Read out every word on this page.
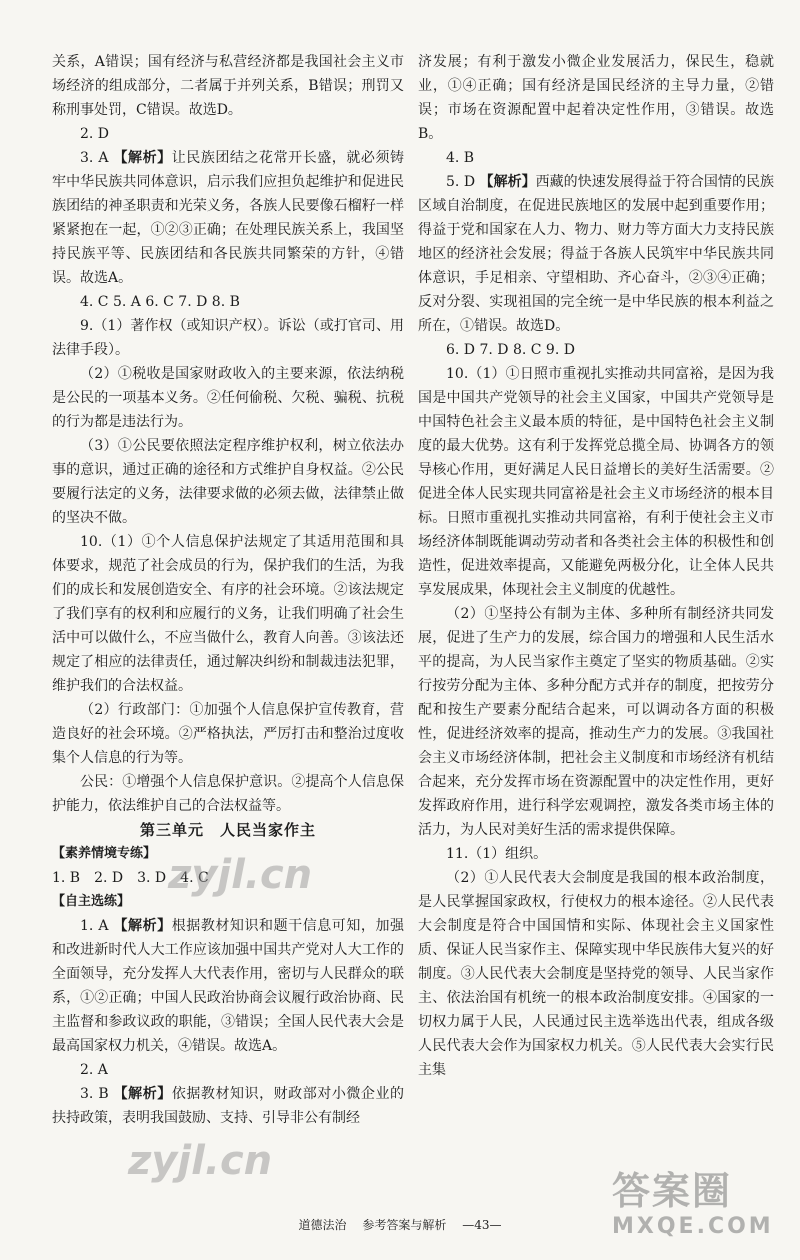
关系，A错误；国有经济与私营经济都是我国社会主义市场经济的组成部分，二者属于并列关系，B错误；刑罚又称刑事处罚，C错误。故选D。

2. D

3. A 【解析】让民族团结之花常开长盛，就必须铸牢中华民族共同体意识，启示我们应担负起维护和促进民族团结的神圣职责和光荣义务，各族人民要像石榴籽一样紧紧抱在一起，①②③正确；在处理民族关系上，我国坚持民族平等、民族团结和各民族共同繁荣的方针，④错误。故选A。

4. C 5. A 6. C 7. D 8. B

9.（1）著作权（或知识产权）。诉讼（或打官司、用法律手段）。

（2）①税收是国家财政收入的主要来源，依法纳税是公民的一项基本义务。②任何偷税、欠税、骗税、抗税的行为都是违法行为。

（3）①公民要依照法定程序维护权利，树立依法办事的意识，通过正确的途径和方式维护自身权益。②公民要履行法定的义务，法律要求做的必须去做，法律禁止做的坚决不做。

10.（1）①个人信息保护法规定了其适用范围和具体要求，规范了社会成员的行为，保护我们的生活，为我们的成长和发展创造安全、有序的社会环境。②该法规定了我们享有的权利和应履行的义务，让我们明确了社会生活中可以做什么，不应当做什么，教育人向善。③该法还规定了相应的法律责任，通过解决纠纷和制裁违法犯罪，维护我们的合法权益。

（2）行政部门：①加强个人信息保护宣传教育，营造良好的社会环境。②严格执法，严厉打击和整治过度收集个人信息的行为等。

公民：①增强个人信息保护意识。②提高个人信息保护能力，依法维护自己的合法权益等。

第三单元　人民当家作主

【素养情境专练】

1. B　2. D　3. D　4. C

【自主选练】

1. A 【解析】根据教材知识和题干信息可知，加强和改进新时代人大工作应该加强中国共产党对人大工作的全面领导，充分发挥人大代表作用，密切与人民群众的联系，①②正确；中国人民政治协商会议履行政治协商、民主监督和参政议政的职能，③错误；全国人民代表大会是最高国家权力机关，④错误。故选A。

2. A

3. B 【解析】依据教材知识，财政部对小微企业的扶持政策，表明我国鼓励、支持、引导非公有制经

济发展；有利于激发小微企业发展活力，保民生，稳就业，①④正确；国有经济是国民经济的主导力量，②错误；市场在资源配置中起着决定性作用，③错误。故选B。

4. B

5. D 【解析】西藏的快速发展得益于符合国情的民族区域自治制度，在促进民族地区的发展中起到重要作用；得益于党和国家在人力、物力、财力等方面大力支持民族地区的经济社会发展；得益于各族人民筑牢中华民族共同体意识，手足相亲、守望相助、齐心奋斗，②③④正确；反对分裂、实现祖国的完全统一是中华民族的根本利益之所在，①错误。故选D。

6. D 7. D 8. C 9. D

10.（1）①日照市重视扎实推动共同富裕，是因为我国是中国共产党领导的社会主义国家，中国共产党领导是中国特色社会主义最本质的特征，是中国特色社会主义制度的最大优势。这有利于发挥党总揽全局、协调各方的领导核心作用，更好满足人民日益增长的美好生活需要。②促进全体人民实现共同富裕是社会主义市场经济的根本目标。日照市重视扎实推动共同富裕，有利于使社会主义市场经济体制既能调动劳动者和各类社会主体的积极性和创造性，促进效率提高，又能避免两极分化，让全体人民共享发展成果，体现社会主义制度的优越性。

（2）①坚持公有制为主体、多种所有制经济共同发展，促进了生产力的发展，综合国力的增强和人民生活水平的提高，为人民当家作主奠定了坚实的物质基础。②实行按劳分配为主体、多种分配方式并存的制度，把按劳分配和按生产要素分配结合起来，可以调动各方面的积极性，促进经济效率的提高，推动生产力的发展。③我国社会主义市场经济体制，把社会主义制度和市场经济有机结合起来，充分发挥市场在资源配置中的决定性作用，更好发挥政府作用，进行科学宏观调控，激发各类市场主体的活力，为人民对美好生活的需求提供保障。

11.（1）组织。

（2）①人民代表大会制度是我国的根本政治制度，是人民掌握国家政权，行使权力的根本途径。②人民代表大会制度是符合中国国情和实际、体现社会主义国家性质、保证人民当家作主、保障实现中华民族伟大复兴的好制度。③人民代表大会制度是坚持党的领导、人民当家作主、依法治国有机统一的根本政治制度安排。④国家的一切权力属于人民，人民通过民主选举选出代表，组成各级人民代表大会作为国家权力机关。⑤人民代表大会实行民主集

道德法治 参考答案与解析 —43—
zyjl.cn
zyjl.cn
答案圈
MXQE.COM
